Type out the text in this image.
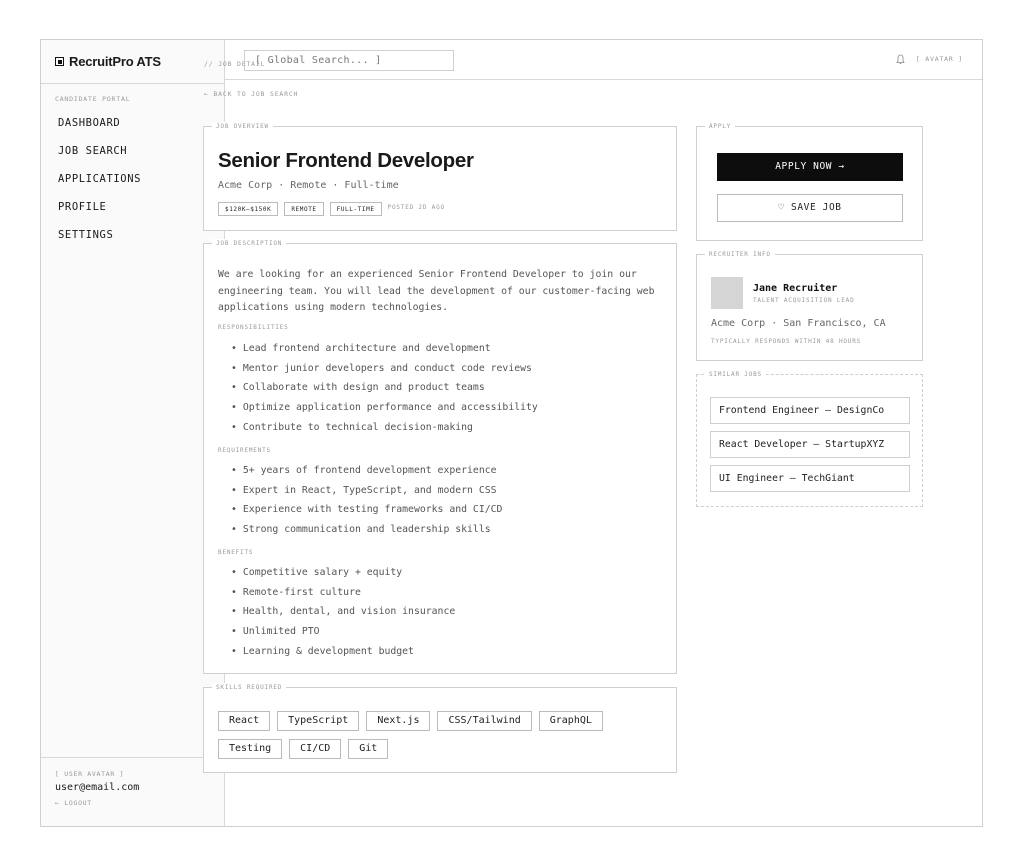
RecruitPro ATS
CANDIDATE PORTAL
DASHBOARD
JOB SEARCH
APPLICATIONS
PROFILE
SETTINGS
[ USER AVATAR ]
user@email.com
← LOGOUT
[ Global Search... ]	[ AVATAR ]
// JOB DETAIL
← BACK TO JOB SEARCH
JOB OVERVIEW
Senior Frontend Developer
Acme Corp · Remote · Full-time
$120K–$150K	REMOTE	FULL-TIME	POSTED 2D AGO
JOB DESCRIPTION

We are looking for an experienced Senior Frontend Developer to join our engineering team. You will lead the development of our customer-facing web applications using modern technologies.

RESPONSIBILITIES
• Lead frontend architecture and development
• Mentor junior developers and conduct code reviews
• Collaborate with design and product teams
• Optimize application performance and accessibility
• Contribute to technical decision-making
REQUIREMENTS
• 5+ years of frontend development experience
• Expert in React, TypeScript, and modern CSS
• Experience with testing frameworks and CI/CD
• Strong communication and leadership skills
BENEFITS
• Competitive salary + equity
• Remote-first culture
• Health, dental, and vision insurance
• Unlimited PTO
• Learning & development budget
SKILLS REQUIRED
React	TypeScript	Next.js	CSS/Tailwind	GraphQL
Testing	CI/CD	Git
APPLY
APPLY NOW →
♡ SAVE JOB
RECRUITER INFO
Jane Recruiter
TALENT ACQUISITION LEAD
Acme Corp · San Francisco, CA
TYPICALLY RESPONDS WITHIN 48 HOURS
SIMILAR JOBS
Frontend Engineer — DesignCo
React Developer — StartupXYZ
UI Engineer — TechGiant
